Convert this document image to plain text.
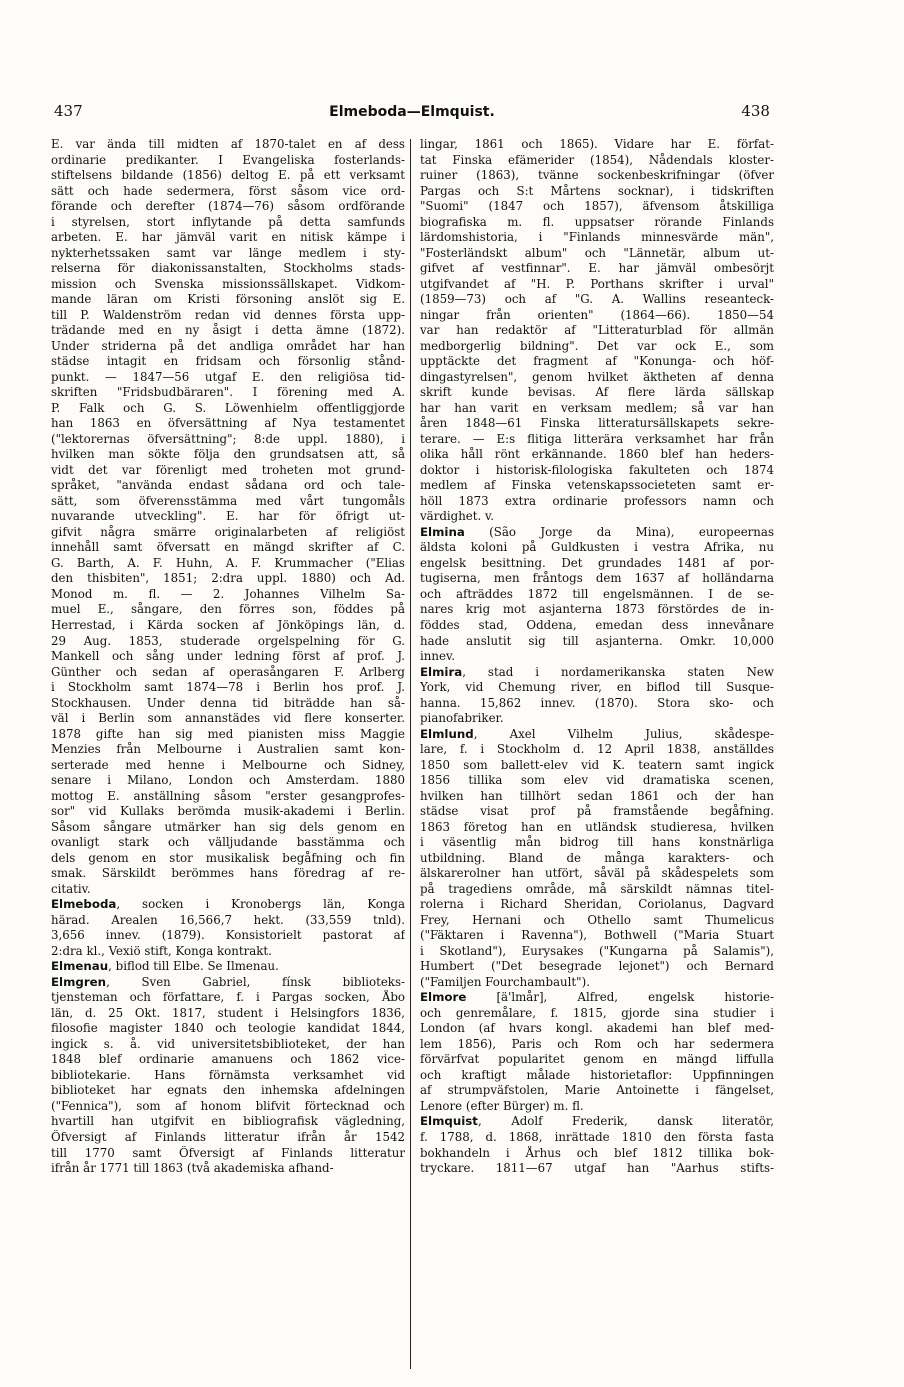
437	Elmeboda—Elmquist.	438
E. var ända till midten af 1870-talet en af dess
ordinarie predikanter. I Evangeliska fosterlands-
stiftelsens bildande (1856) deltog E. på ett verksamt
sätt och hade sedermera, först såsom vice ord-
förande och derefter (1874—76) såsom ordförande
i styrelsen, stort inflytande på detta samfunds
arbeten. E. har jämväl varit en nitisk kämpe i
nykterhetssaken samt var länge medlem i sty-
relserna för diakonissanstalten, Stockholms stads-
mission och Svenska missionssällskapet. Vidkom-
mande läran om Kristi försoning anslöt sig E.
till P. Waldenström redan vid dennes första upp-
trädande med en ny åsigt i detta ämne (1872).
Under striderna på det andliga området har han
städse intagit en fridsam och försonlig stånd-
punkt. — 1847—56 utgaf E. den religiösa tid-
skriften "Fridsbudbäraren". I förening med A.
P. Falk och G. S. Löwenhielm offentliggjorde
han 1863 en öfversättning af Nya testamentet
("lektorernas öfversättning"; 8:de uppl. 1880), i
hvilken man sökte följa den grundsatsen att, så
vidt det var förenligt med troheten mot grund-
språket, "använda endast sådana ord och tale-
sätt, som öfverensstämma med vårt tungomåls
nuvarande utveckling". E. har för öfrigt ut-
gifvit några smärre originalarbeten af religiöst
innehåll samt öfversatt en mängd skrifter af C.
G. Barth, A. F. Huhn, A. F. Krummacher ("Elias
den thisbiten", 1851; 2:dra uppl. 1880) och Ad.
Monod m. fl. — 2. Johannes Vilhelm Sa-
muel E., sångare, den förres son, föddes på
Herrestad, i Kärda socken af Jönköpings län, d.
29 Aug. 1853, studerade orgelspelning för G.
Mankell och sång under ledning först af prof. J.
Günther och sedan af operasångaren F. Arlberg
i Stockholm samt 1874—78 i Berlin hos prof. J.
Stockhausen. Under denna tid biträdde han så-
väl i Berlin som annanstädes vid flere konserter.
1878 gifte han sig med pianisten miss Maggie
Menzies från Melbourne i Australien samt kon-
serterade med henne i Melbourne och Sidney,
senare i Milano, London och Amsterdam. 1880
mottog E. anställning såsom "erster gesangprofes-
sor" vid Kullaks berömda musik-akademi i Berlin.
Såsom sångare utmärker han sig dels genom en
ovanligt stark och välljudande basstämma och
dels genom en stor musikalisk begåfning och fin
smak. Särskildt berömmes hans föredrag af re-
citativ.
Elmeboda, socken i Kronobergs län, Konga
härad. Arealen 16,566,7 hekt. (33,559 tnld).
3,656 innev. (1879). Konsistorielt pastorat af
2:dra kl., Vexiö stift, Konga kontrakt.
Elmenau, biflod till Elbe. Se Ilmenau.
Elmgren, Sven Gabriel, fínsk biblioteks-
tjensteman och författare, f. i Pargas socken, Åbo
län, d. 25 Okt. 1817, student i Helsingfors 1836,
filosofie magister 1840 och teologie kandidat 1844,
ingick s. å. vid universitetsbiblioteket, der han
1848 blef ordinarie amanuens och 1862 vice-
bibliotekarie. Hans förnämsta verksamhet vid
biblioteket har egnats den inhemska afdelningen
("Fennica"), som af honom blifvit förtecknad och
hvartill han utgifvit en bibliografisk vägledning,
Öfversigt af Finlands litteratur ifrån år 1542
till 1770 samt Öfversigt af Finlands litteratur
ifrån år 1771 till 1863 (två akademiska afhand-
lingar, 1861 och 1865). Vidare har E. förfat-
tat Finska efämerider (1854), Nådendals kloster-
ruiner (1863), tvänne sockenbeskrifningar (öfver
Pargas och S:t Mårtens socknar), i tidskriften
"Suomi" (1847 och 1857), äfvensom åtskilliga
biografiska m. fl. uppsatser rörande Finlands
lärdomshistoria, i "Finlands minnesvärde män",
"Fosterländskt album" och "Lännetär, album ut-
gifvet af vestfinnar". E. har jämväl ombesörjt
utgifvandet af "H. P. Porthans skrifter i urval"
(1859—73) och af "G. A. Wallins reseanteck-
ningar från orienten" (1864—66). 1850—54
var han redaktör af "Litteraturblad för allmän
medborgerlig bildning". Det var ock E., som
upptäckte det fragment af "Konunga- och höf-
dingastyrelsen", genom hvilket äktheten af denna
skrift kunde bevisas. Af flere lärda sällskap
har han varit en verksam medlem; så var han
åren 1848—61 Finska litteratursällskapets sekre-
terare. — E:s flitiga litterära verksamhet har från
olika håll rönt erkännande. 1860 blef han heders-
doktor i historisk-filologiska fakulteten och 1874
medlem af Finska vetenskapssocieteten samt er-
höll 1873 extra ordinarie professors namn och
värdighet. v.
Elmina (São Jorge da Mina), europeernas
äldsta koloni på Guldkusten i vestra Afrika, nu
engelsk besittning. Det grundades 1481 af por-
tugiserna, men fråntogs dem 1637 af holländarna
och afträddes 1872 till engelsmännen. I de se-
nares krig mot asjanterna 1873 förstördes de in-
föddes stad, Oddena, emedan dess innevånare
hade anslutit sig till asjanterna. Omkr. 10,000
innev.
Elmira, stad i nordamerikanska staten New
York, vid Chemung river, en biflod till Susque-
hanna. 15,862 innev. (1870). Stora sko- och
pianofabriker.
Elmlund, Axel Vilhelm Julius, skådespe-
lare, f. i Stockholm d. 12 April 1838, anställdes
1850 som ballett-elev vid K. teatern samt ingick
1856 tillika som elev vid dramatiska scenen,
hvilken han tillhört sedan 1861 och der han
städse visat prof på framstående begåfning.
1863 företog han en utländsk studieresa, hvilken
i väsentlig mån bidrog till hans konstnärliga
utbildning. Bland de många karakters- och
älskarerolner han utfört, såväl på skådespelets som
på tragediens område, må särskildt nämnas titel-
rolerna i Richard Sheridan, Coriolanus, Dagvard
Frey, Hernani och Othello samt Thumelicus
("Fäktaren i Ravenna"), Bothwell ("Maria Stuart
i Skotland"), Eurysakes ("Kungarna på Salamis"),
Humbert ("Det besegrade lejonet") och Bernard
("Familjen Fourchambault").
Elmore [ä'lmår], Alfred, engelsk historie-
och genremålare, f. 1815, gjorde sina studier i
London (af hvars kongl. akademi han blef med-
lem 1856), Paris och Rom och har sedermera
förvärfvat popularitet genom en mängd liffulla
och kraftigt målade historietaflor: Uppfinningen
af strumpväfstolen, Marie Antoinette i fängelset,
Lenore (efter Bürger) m. fl.
Elmquist, Adolf Frederik, dansk literatör,
f. 1788, d. 1868, inrättade 1810 den första fasta
bokhandeln i Århus och blef 1812 tillika bok-
tryckare. 1811—67 utgaf han "Aarhus stifts-
